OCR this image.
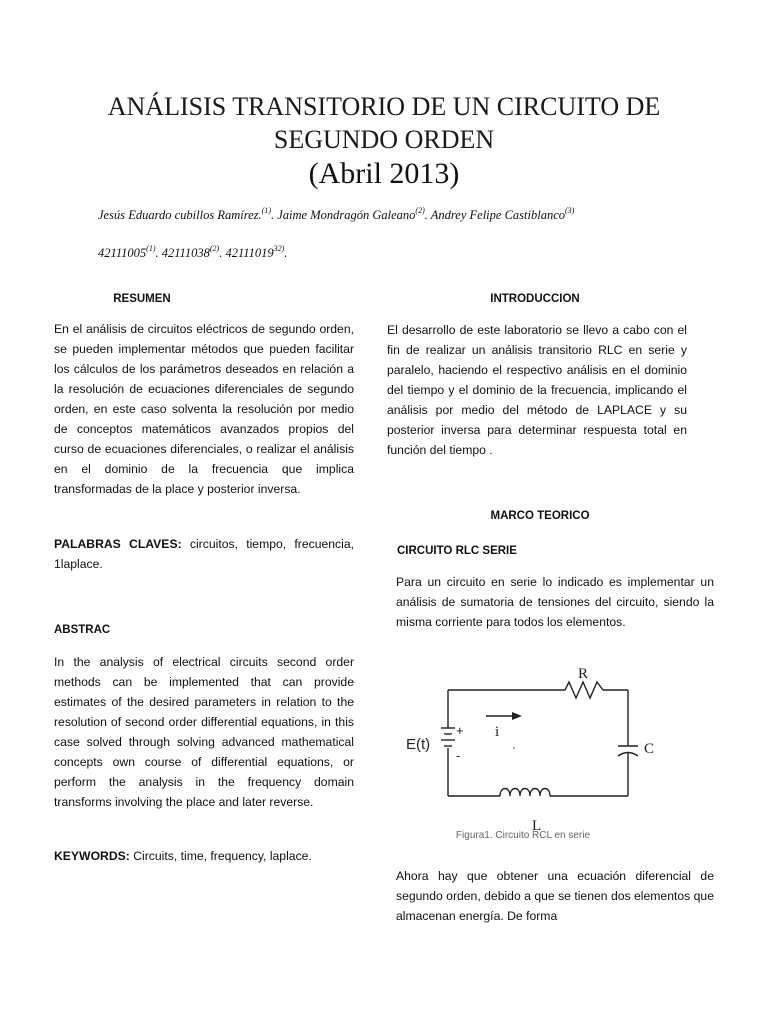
ANÁLISIS TRANSITORIO DE UN CIRCUITO DE
SEGUNDO ORDEN
(Abril 2013)
Jesús Eduardo cubillos Ramírez.$^{(1)}$. Jaime Mondragón Galeano$^{(2)}$. Andrey Felipe Castiblanco$^{(3)}$
42111005$^{(1)}$. 42111038$^{(2)}$. 42111019$^{32)}$.
RESUMEN

En el análisis de circuitos eléctricos de segundo orden, se pueden implementar métodos que pueden facilitar los cálculos de los parámetros deseados en relación a la resolución de ecuaciones diferenciales de segundo orden, en este caso solventa la resolución por medio de conceptos matemáticos avanzados propios del curso de ecuaciones diferenciales, o realizar el análisis en el dominio de la frecuencia que implica transformadas de la place y posterior inversa.

PALABRAS CLAVES: circuitos, tiempo, frecuencia, 1laplace.

ABSTRAC

In the analysis of electrical circuits second order methods can be implemented that can provide estimates of the desired parameters in relation to the resolution of second order differential equations, in this case solved through solving advanced mathematical concepts own course of differential equations, or perform the analysis in the frequency domain transforms involving the place and later reverse.

KEYWORDS: Circuits, time, frequency, laplace.

INTRODUCCION

El desarrollo de este laboratorio se llevo a cabo con el fin de realizar un análisis transitorio RLC en serie y paralelo, haciendo el respectivo análisis en el dominio del tiempo y el dominio de la frecuencia, implicando el análisis por medio del método de LAPLACE y su posterior inversa para determinar respuesta total en función del tiempo .

MARCO TEORICO
CIRCUITO RLC SERIE

Para un circuito en serie lo indicado es implementar un análisis de sumatoria de tensiones del circuito, siendo la misma corriente para todos los elementos.

R
C
L
i
E(t)
+
-
Figura1. Circuito RCL en serie

Ahora hay que obtener una ecuación diferencial de segundo orden, debido a que se tienen dos elementos que almacenan energía. De forma
